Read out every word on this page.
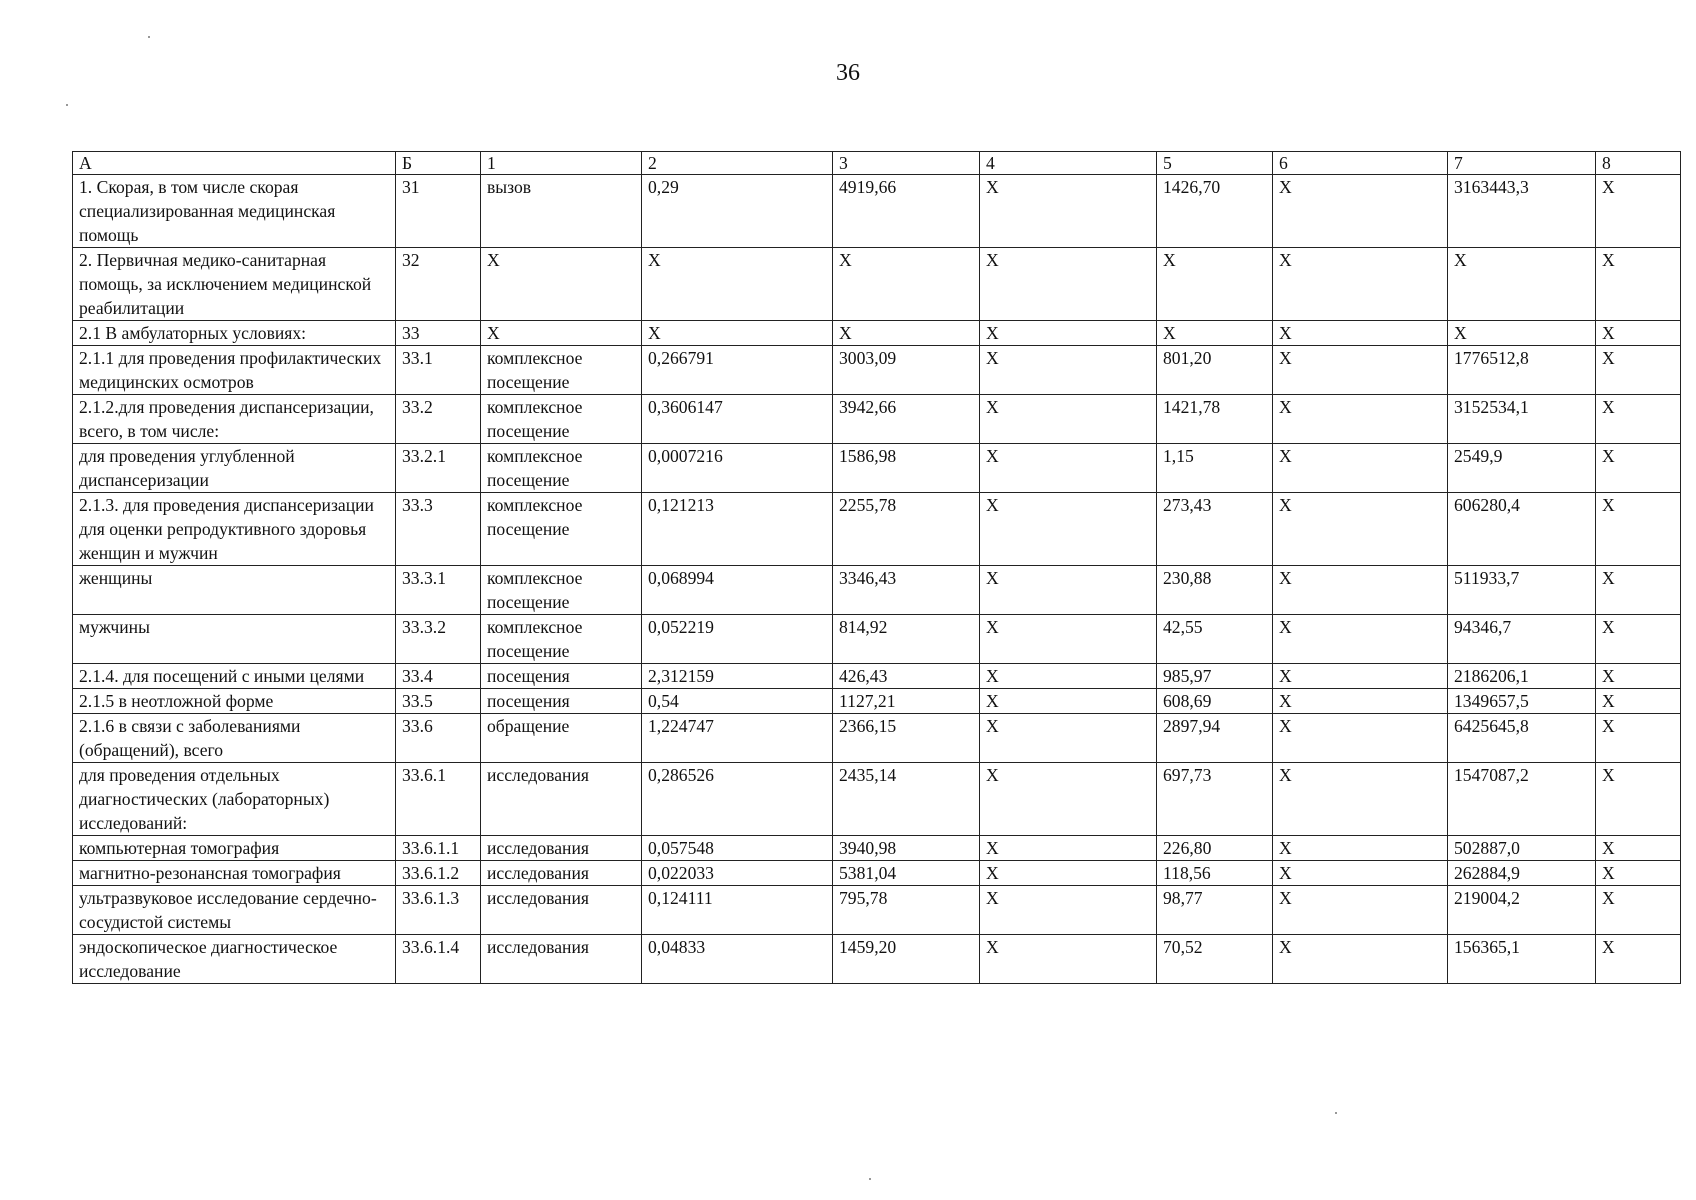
36
А	Б	1	2	3	4	5	6	7	8
1. Скорая, в том числе скорая специализированная медицинская помощь	31	вызов	0,29	4919,66	X	1426,70	X	3163443,3	X
2. Первичная медико-санитарная помощь, за исключением медицинской реабилитации	32	X	X	X	X	X	X	X	X
2.1 В амбулаторных условиях:	33	X	X	X	X	X	X	X	X
2.1.1 для проведения профилактических медицинских осмотров	33.1	комплексное посещение	0,266791	3003,09	X	801,20	X	1776512,8	X
2.1.2.для проведения диспансеризации, всего, в том числе:	33.2	комплексное посещение	0,3606147	3942,66	X	1421,78	X	3152534,1	X
для проведения углубленной диспансеризации	33.2.1	комплексное посещение	0,0007216	1586,98	X	1,15	X	2549,9	X
2.1.3. для проведения диспансеризации для оценки репродуктивного здоровья женщин и мужчин	33.3	комплексное посещение	0,121213	2255,78	X	273,43	X	606280,4	X
женщины	33.3.1	комплексное посещение	0,068994	3346,43	X	230,88	X	511933,7	X
мужчины	33.3.2	комплексное посещение	0,052219	814,92	X	42,55	X	94346,7	X
2.1.4. для посещений с иными целями	33.4	посещения	2,312159	426,43	X	985,97	X	2186206,1	X
2.1.5 в неотложной форме	33.5	посещения	0,54	1127,21	X	608,69	X	1349657,5	X
2.1.6 в связи с заболеваниями (обращений), всего	33.6	обращение	1,224747	2366,15	X	2897,94	X	6425645,8	X
для проведения отдельных диагностических (лабораторных) исследований:	33.6.1	исследования	0,286526	2435,14	X	697,73	X	1547087,2	X
компьютерная томография	33.6.1.1	исследования	0,057548	3940,98	X	226,80	X	502887,0	X
магнитно-резонансная томография	33.6.1.2	исследования	0,022033	5381,04	X	118,56	X	262884,9	X
ультразвуковое исследование сердечно-сосудистой системы	33.6.1.3	исследования	0,124111	795,78	X	98,77	X	219004,2	X
эндоскопическое диагностическое исследование	33.6.1.4	исследования	0,04833	1459,20	X	70,52	X	156365,1	X
